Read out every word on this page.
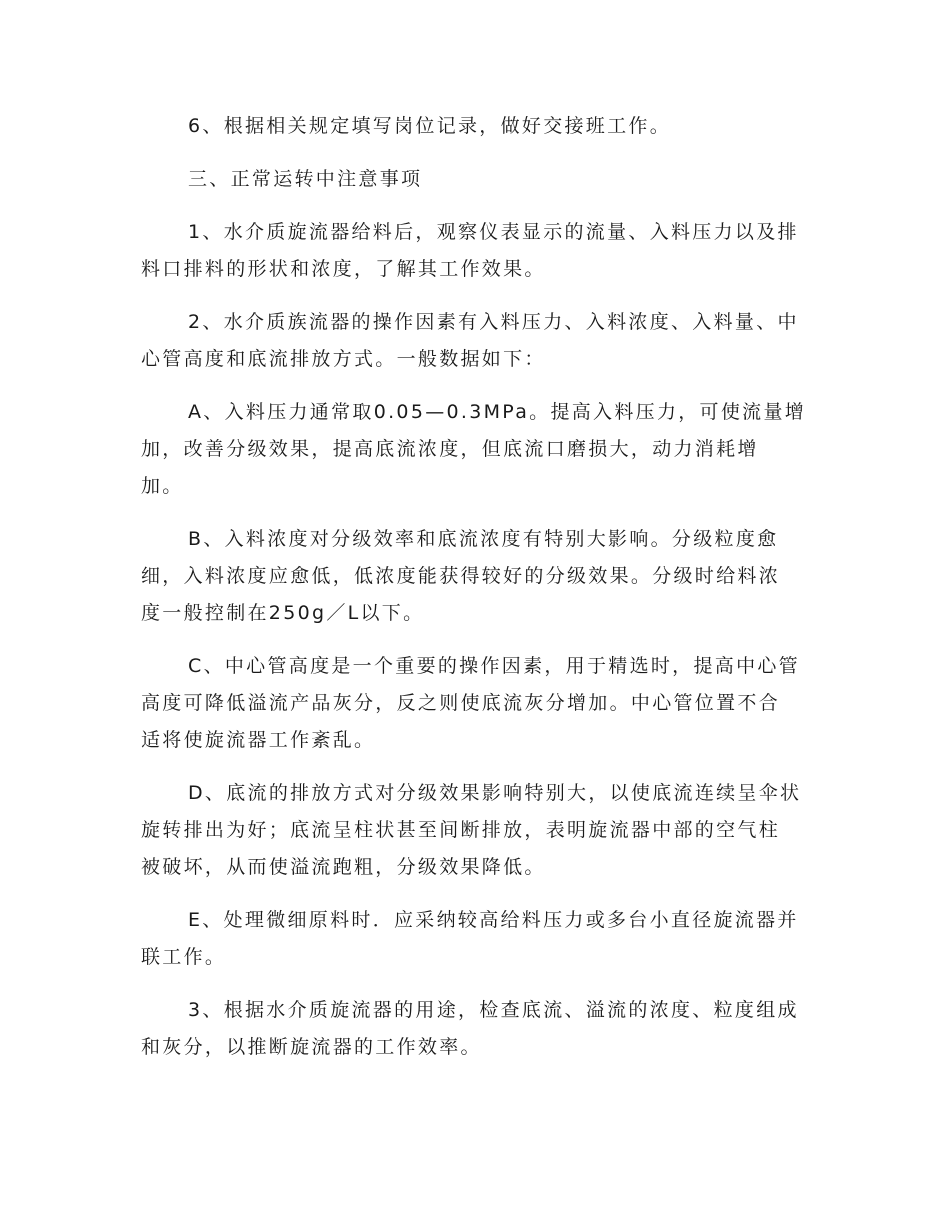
6、根据相关规定填写岗位记录，做好交接班工作。
三、正常运转中注意事项
1、水介质旋流器给料后，观察仪表显示的流量、入料压力以及排
料口排料的形状和浓度，了解其工作效果。
2、水介质族流器的操作因素有入料压力、入料浓度、入料量、中
心管高度和底流排放方式。一般数据如下：
A、入料压力通常取0.05—0.3MPa。提高入料压力，可使流量增
加，改善分级效果，提高底流浓度，但底流口磨损大，动力消耗增
加。
B、入料浓度对分级效率和底流浓度有特别大影响。分级粒度愈
细，入料浓度应愈低，低浓度能获得较好的分级效果。分级时给料浓
度一般控制在250g／L以下。
C、中心管高度是一个重要的操作因素，用于精选时，提高中心管
高度可降低溢流产品灰分，反之则使底流灰分增加。中心管位置不合
适将使旋流器工作紊乱。
D、底流的排放方式对分级效果影响特别大，以使底流连续呈伞状
旋转排出为好；底流呈柱状甚至间断排放，表明旋流器中部的空气柱
被破坏，从而使溢流跑粗，分级效果降低。
E、处理微细原料时．应采纳较高给料压力或多台小直径旋流器并
联工作。
3、根据水介质旋流器的用途，检查底流、溢流的浓度、粒度组成
和灰分，以推断旋流器的工作效率。
